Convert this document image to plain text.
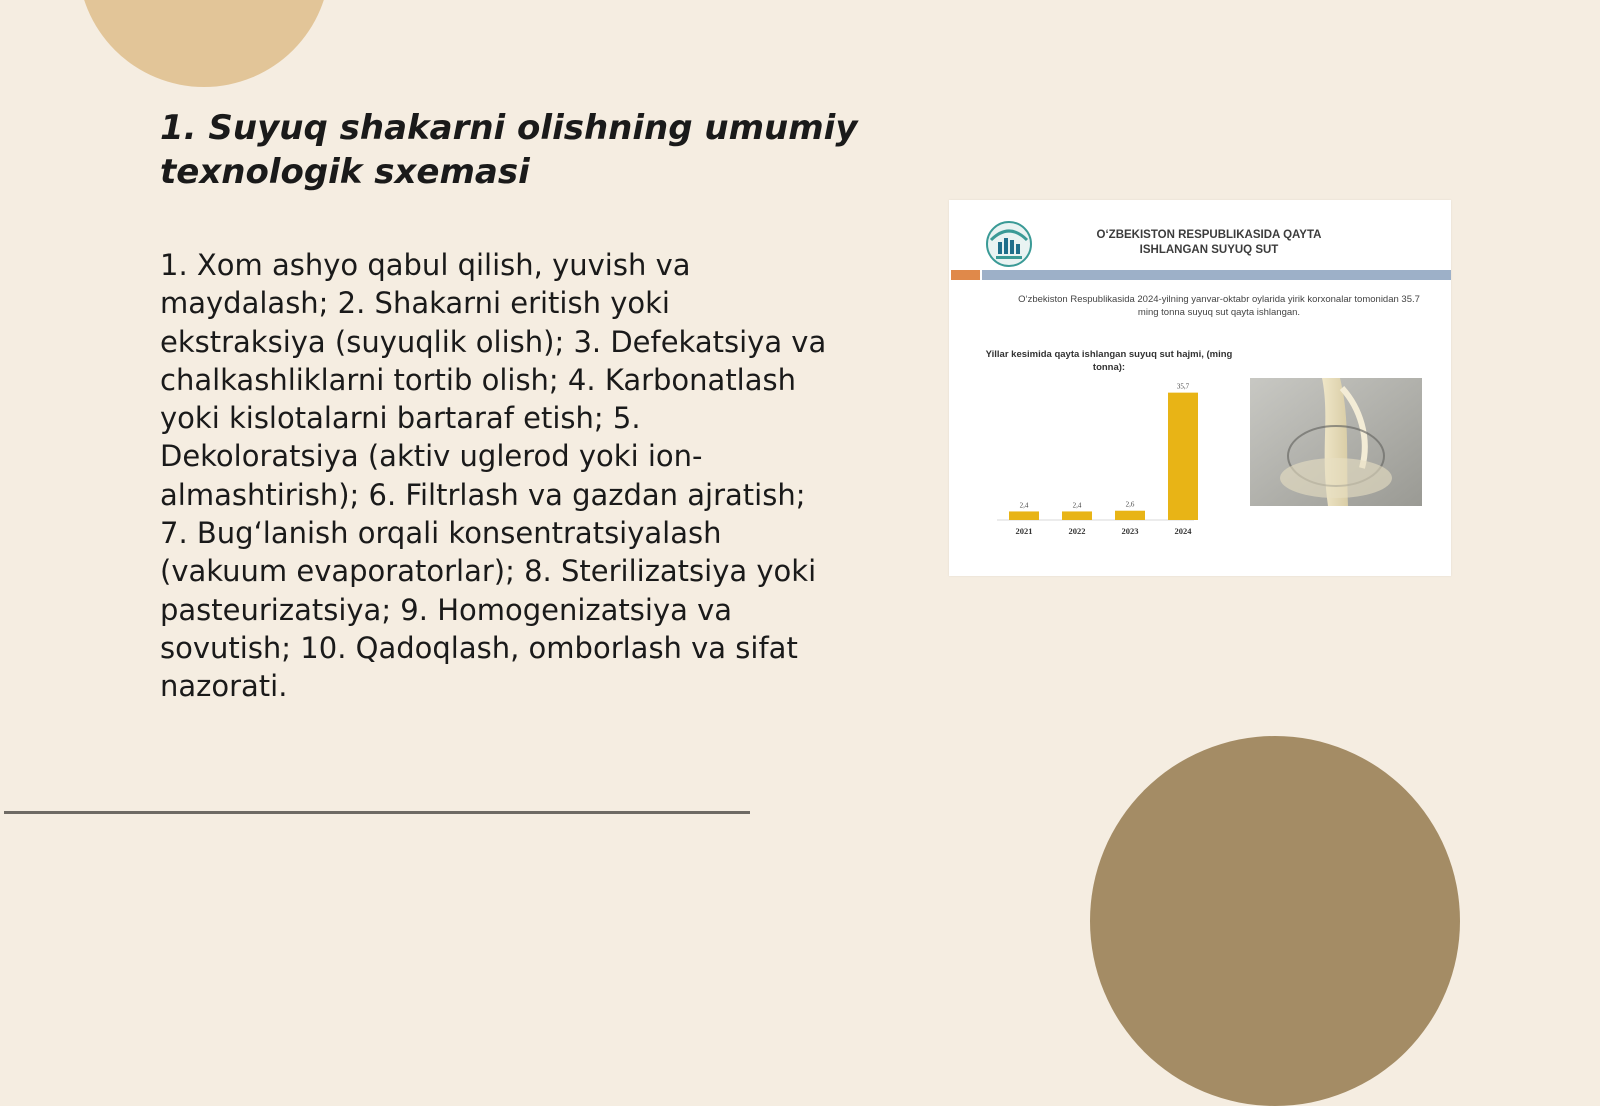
1. Suyuq shakarni olishning umumiy texnologik sxemasi

1. Xom ashyo qabul qilish, yuvish va maydalash; 2. Shakarni eritish yoki ekstraksiya (suyuqlik olish); 3. Defekatsiya va chalkashliklarni tortib olish; 4. Karbonatlash yoki kislotalarni bartaraf etish; 5. Dekoloratsiya (aktiv uglerod yoki ion-almashtirish); 6. Filtrlash va gazdan ajratish; 7. Bug‘lanish orqali konsentratsiyalash (vakuum evaporatorlar); 8. Sterilizatsiya yoki pasteurizatsiya; 9. Homogenizatsiya va sovutish; 10. Qadoqlash, omborlash va sifat nazorati.

O‘ZBEKISTON RESPUBLIKASIDA QAYTA ISHLANGAN SUYUQ SUT

O‘zbekiston Respublikasida 2024-yilning yanvar-oktabr oylarida yirik korxonalar tomonidan 35.7 ming tonna suyuq sut qayta ishlangan.

Yillar kesimida qayta ishlangan suyuq sut hajmi, (ming tonna):

2,4
2021
2,4
2022
2,6
2023
35,7
2024
